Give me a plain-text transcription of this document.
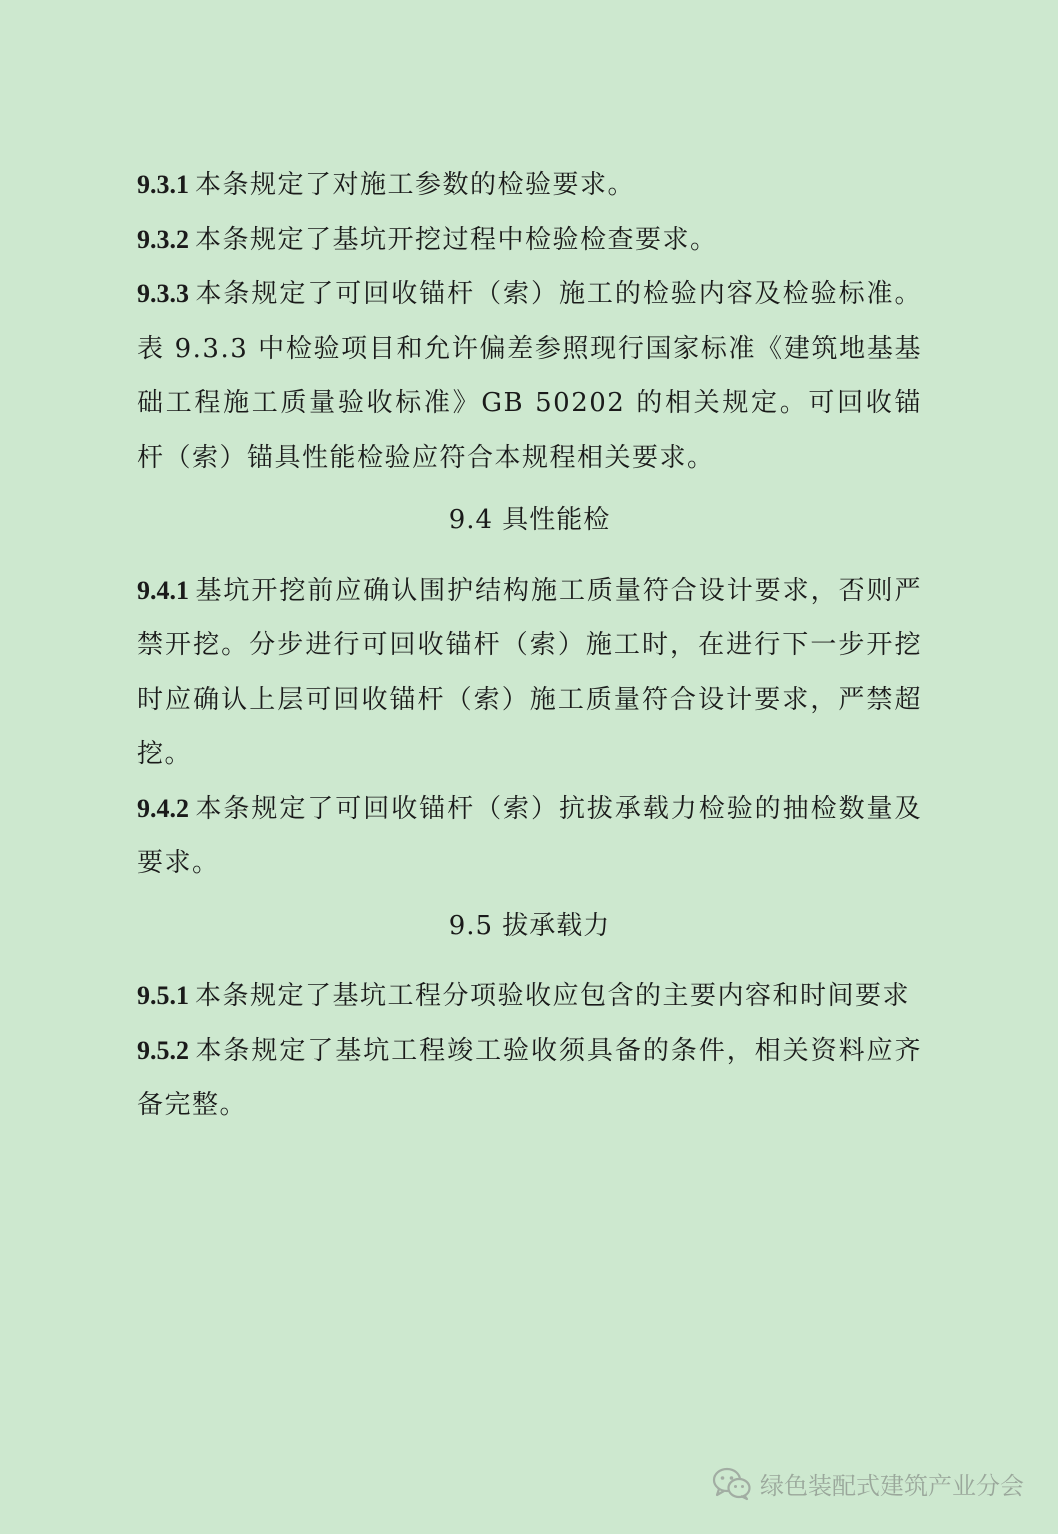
9.3.1 本条规定了对施工参数的检验要求。

9.3.2 本条规定了基坑开挖过程中检验检查要求。

9.3.3 本条规定了可回收锚杆（索）施工的检验内容及检验标准。表 9.3.3 中检验项目和允许偏差参照现行国家标准《建筑地基基础工程施工质量验收标准》GB 50202 的相关规定。可回收锚杆（索）锚具性能检验应符合本规程相关要求。

9.4 具性能检

9.4.1 基坑开挖前应确认围护结构施工质量符合设计要求，否则严禁开挖。分步进行可回收锚杆（索）施工时，在进行下一步开挖时应确认上层可回收锚杆（索）施工质量符合设计要求，严禁超挖。

9.4.2 本条规定了可回收锚杆（索）抗拔承载力检验的抽检数量及要求。

9.5 拔承载力

9.5.1 本条规定了基坑工程分项验收应包含的主要内容和时间要求

9.5.2 本条规定了基坑工程竣工验收须具备的条件，相关资料应齐备完整。

绿色装配式建筑产业分会
